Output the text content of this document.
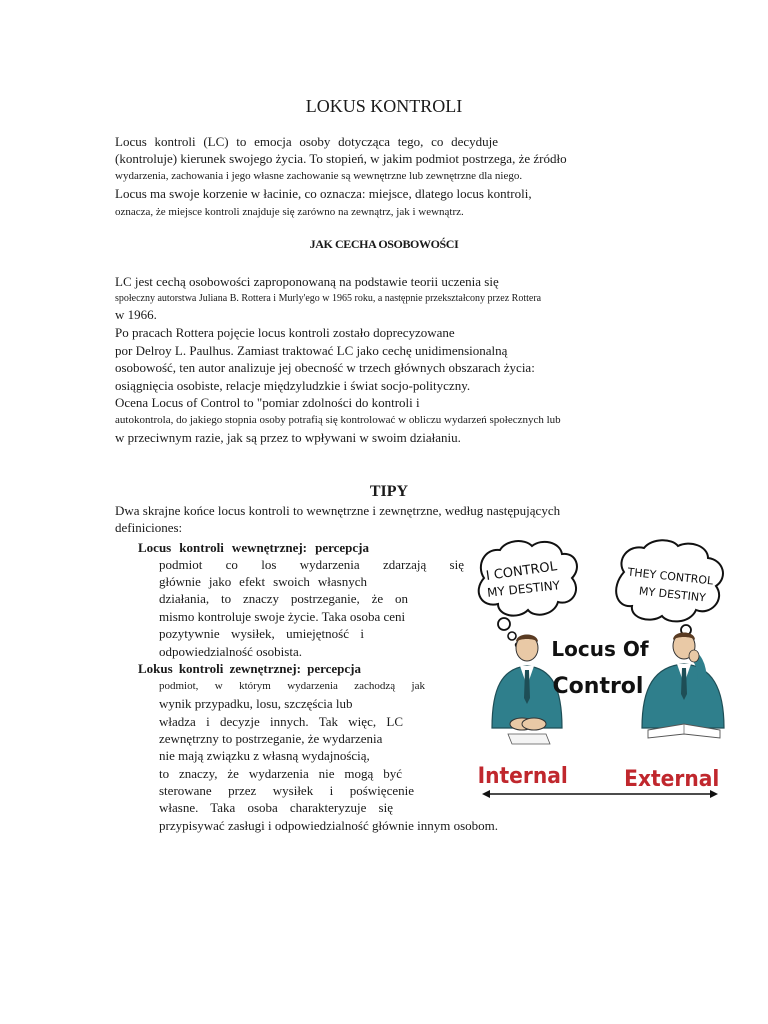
LOKUS KONTROLI
Locus kontroli (LC) to emocja osoby dotycząca tego, co decyduje
(kontroluje) kierunek swojego życia. To stopień, w jakim podmiot postrzega, że źródło
wydarzenia, zachowania i jego własne zachowanie są wewnętrzne lub zewnętrzne dla niego.
Locus ma swoje korzenie w łacinie, co oznacza: miejsce, dlatego locus kontroli,
oznacza, że miejsce kontroli znajduje się zarówno na zewnątrz, jak i wewnątrz.
JAK CECHA OSOBOWOŚCI
LC jest cechą osobowości zaproponowaną na podstawie teorii uczenia się
społeczny autorstwa Juliana B. Rottera i Murly'ego w 1965 roku, a następnie przekształcony przez Rottera
w 1966.
Po pracach Rottera pojęcie locus kontroli zostało doprecyzowane
por Delroy L. Paulhus. Zamiast traktować LC jako cechę unidimensionalną
osobowość, ten autor analizuje jej obecność w trzech głównych obszarach życia:
osiągnięcia osobiste, relacje międzyludzkie i świat socjo-polityczny.
Ocena Locus of Control to "pomiar zdolności do kontroli i
autokontrola, do jakiego stopnia osoby potrafią się kontrolować w obliczu wydarzeń społecznych lub
w przeciwnym razie, jak są przez to wpływani w swoim działaniu.
TIPY
Dwa skrajne końce locus kontroli to wewnętrzne i zewnętrzne, według następujących
definiciones:
Locus kontroli wewnętrznej: percepcja
podmiot co los wydarzenia zdarzają się
głównie jako efekt swoich własnych
działania, to znaczy postrzeganie, że on
mismo kontroluje swoje życie. Taka osoba ceni
pozytywnie wysiłek, umiejętność i
odpowiedzialność osobista.
Lokus kontroli zewnętrznej: percepcja
podmiot, w którym wydarzenia zachodzą jak
wynik przypadku, losu, szczęścia lub
władza i decyzje innych. Tak więc, LC
zewnętrzny to postrzeganie, że wydarzenia
nie mają związku z własną wydajnością,
to znaczy, że wydarzenia nie mogą być
sterowane przez wysiłek i poświęcenie
własne. Taka osoba charakteryzuje się
przypisywać zasługi i odpowiedzialność głównie innym osobom.
I CONTROL
MY DESTINY
THEY CONTROL
MY DESTINY
Locus Of
Control
Internal	External
